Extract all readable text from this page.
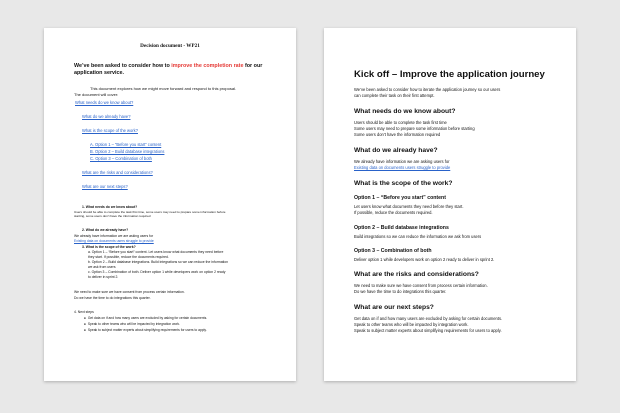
Decision document - WP21
We’ve been asked to consider how to improve the completion rate for our application service.
This document explores how we might move forward and respond to this proposal.
The document will cover:
What needs do we know about?
What do we already have?
What is the scope of the work?
A. Option 1 – “Before you start” content
B. Option 2 – Build database integrations
C. Option 3 – Combination of both
What are the risks and considerations?
What are our next steps?
1. What needs do we know about?
Users should be able to complete the task first time, some users may need to prepare some information before
starting, some users don’t have the information required
2. What do we already have?
We already have information we are asking users for
Existing data on documents users struggle to provide
3. What is the scope of the work?
a. Option 1 – “Before you start” content. Let users know what documents they need before
they start. If possible, reduce the documents required.
b. Option 2 – Build database integrations. Build integrations so we can reduce the information
we ask from users
c. Option 3 – Combination of both. Deliver option 1 while developers work on option 2 ready
to deliver in sprint 2.
We need to make sure we have consent from process certain information.
Do we have the time to do integrations this quarter.
4. Next steps
●  Get data on if and how many users are excluded by asking for certain documents.
●  Speak to other teams who will be impacted by integration work.
●  Speak to subject matter experts about simplifying requirements for users to apply.
Kick off – Improve the application journey
We’ve been asked to consider how to iterate the application journey so our users
can complete their task on their first attempt.
What needs do we know about?
Users should be able to complete the task first time
Some users may need to prepare some information before starting
Some users don’t have the information required
What do we already have?
We already have information we are asking users for
Existing data on documents users struggle to provide
What is the scope of the work?
Option 1 – “Before you start” content
Let users know what documents they need before they start.
If possible, reduce the documents required.
Option 2 – Build database integrations
Build integrations so we can reduce the information we ask from users
Option 3 – Combination of both
Deliver option 1 while developers work on option 2 ready to deliver in sprint 2.
What are the risks and considerations?
We need to make sure we have consent from process certain information.
Do we have the time to do integrations this quarter.
What are our next steps?
Get data on if and how many users are excluded by asking for certain documents.
Speak to other teams who will be impacted by integration work.
Speak to subject matter experts about simplifying requirements for users to apply.
